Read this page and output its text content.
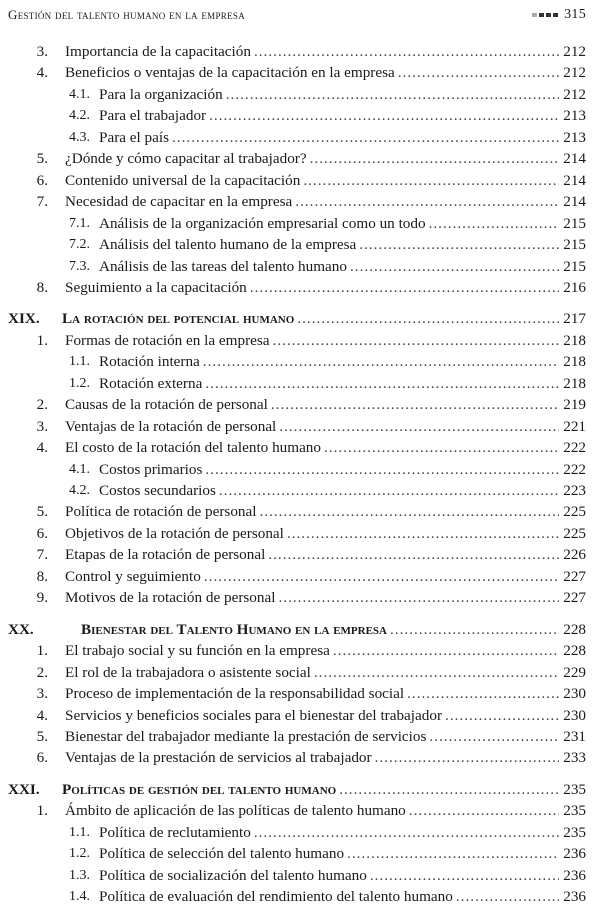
Gestión del talento humano en la empresa	315
3. Importancia de la capacitación .....	212
4. Beneficios o ventajas de la capacitación en la empresa .....	212
4.1. Para la organización .....	212
4.2. Para el trabajador .....	213
4.3. Para el país .....	213
5. ¿Dónde y cómo capacitar al trabajador? .....	214
6. Contenido universal de la capacitación .....	214
7. Necesidad de capacitar en la empresa .....	214
7.1. Análisis de la organización empresarial como un todo .....	215
7.2. Análisis del talento humano de la empresa .....	215
7.3. Análisis de las tareas del talento humano .....	215
8. Seguimiento a la capacitación .....	216
XIX.	La rotación del potencial humano .....	217
1. Formas de rotación en la empresa .....	218
1.1. Rotación interna .....	218
1.2. Rotación externa .....	218
2. Causas de la rotación de personal .....	219
3. Ventajas de la rotación de personal .....	221
4. El costo de la rotación del talento humano .....	222
4.1. Costos primarios .....	222
4.2. Costos secundarios .....	223
5. Política de rotación de personal .....	225
6. Objetivos de la rotación de personal .....	225
7. Etapas de la rotación de personal .....	226
8. Control y seguimiento .....	227
9. Motivos de la rotación de personal .....	227
XX.	Bienestar del Talento Humano en la empresa .....	228
1. El trabajo social y su función en la empresa .....	228
2. El rol de la trabajadora o asistente social .....	229
3. Proceso de implementación de la responsabilidad social .....	230
4. Servicios y beneficios sociales para el bienestar del trabajador .....	230
5. Bienestar del trabajador mediante la prestación de servicios .....	231
6. Ventajas de la prestación de servicios al trabajador .....	233
XXI.	Políticas de gestión del talento humano .....	235
1. Ámbito de aplicación de las políticas de talento humano .....	235
1.1. Política de reclutamiento .....	235
1.2. Política de selección del talento humano .....	236
1.3. Política de socialización del talento humano .....	236
1.4. Política de evaluación del rendimiento del talento humano .....	236
